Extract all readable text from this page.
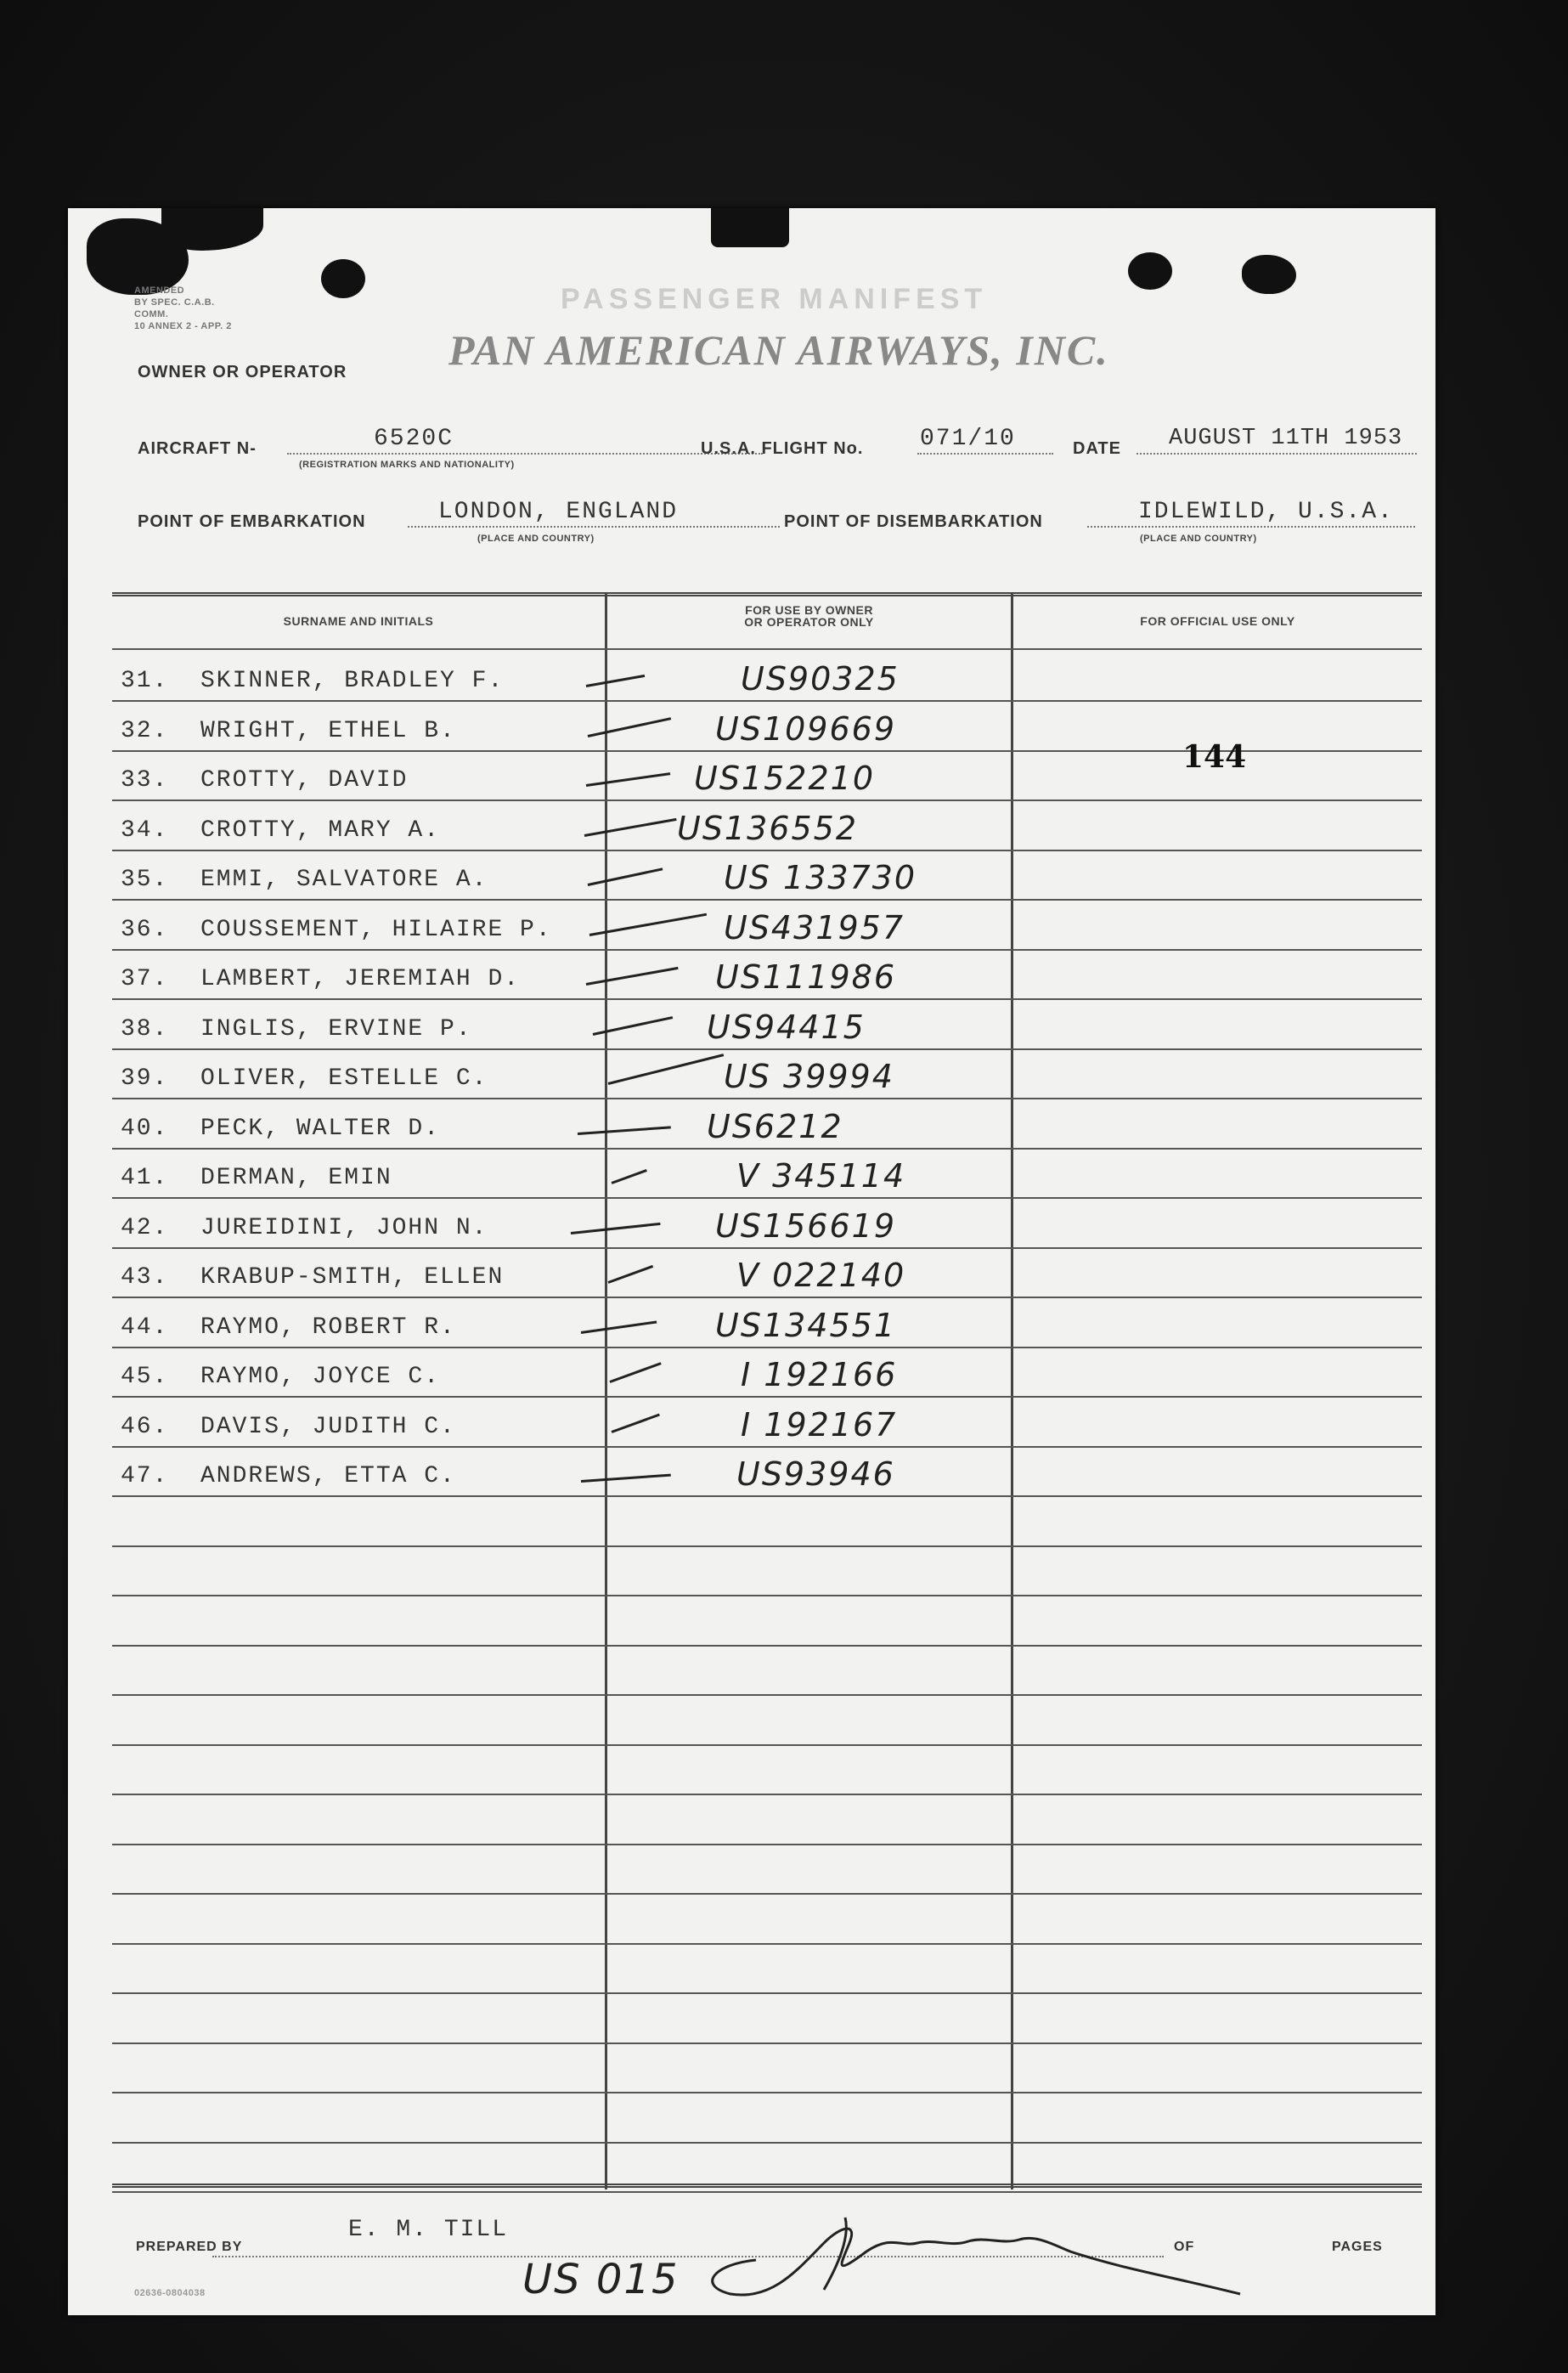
AMENDED
BY SPEC. C.A.B. COMM.
10 ANNEX 2 - APP. 2
OWNER OR OPERATOR
PASSENGER MANIFEST
PAN AMERICAN AIRWAYS, INC.
AIRCRAFT N-	6520C
(REGISTRATION MARKS AND NATIONALITY)
U.S.A. FLIGHT No. 071/10	DATE AUGUST 11TH 1953
POINT OF EMBARKATION	LONDON, ENGLAND
(PLACE AND COUNTRY)
POINT OF DISEMBARKATION	IDLEWILD, U.S.A.
(PLACE AND COUNTRY)
SURNAME AND INITIALS
FOR USE BY OWNER
OR OPERATOR ONLY	FOR OFFICIAL USE ONLY
31. SKINNER, BRADLEY F.	US90325
32. WRIGHT, ETHEL B.	US109669
33. CROTTY, DAVID	US152210
34. CROTTY, MARY A.	US136552
35. EMMI, SALVATORE A.	US 133730
36. COUSSEMENT, HILAIRE P.	US431957
37. LAMBERT, JEREMIAH D.	US111986
38. INGLIS, ERVINE P.	US94415
39. OLIVER, ESTELLE C.	US 39994
40. PECK, WALTER D.	US6212
41. DERMAN, EMIN	V 345114
42. JUREIDINI, JOHN N.	US156619
43. KRABUP-SMITH, ELLEN	V 022140
44. RAYMO, ROBERT R.	US134551
45. RAYMO, JOYCE C.	I 192166
46. DAVIS, JUDITH C.	I 192167
47. ANDREWS, ETTA C.	US93946
144
PREPARED BY
E. M. TILL
OF	PAGES
US 015
02636-0804038
